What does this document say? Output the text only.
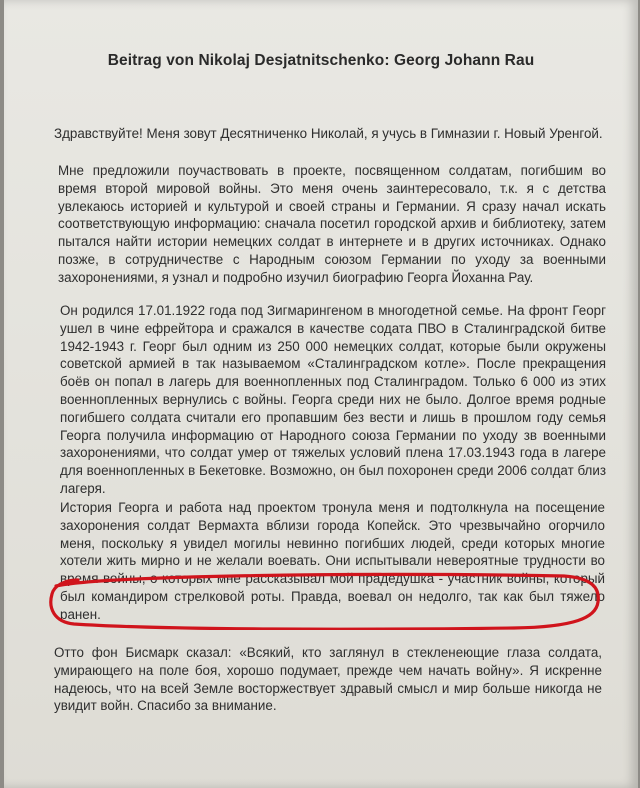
Beitrag von Nikolaj Desjatnitschenko: Georg Johann Rau

Здравствуйте! Меня зовут Десятниченко Николай, я учусь в Гимназии г. Новый Уренгой.

Мне предложили поучаствовать в проекте, посвященном солдатам, погибшим во время второй мировой войны. Это меня очень заинтересовало, т.к. я с детства увлекаюсь историей и культурой и своей страны и Германии. Я сразу начал искать соответствующую информацию: сначала посетил городской архив и библиотеку, затем пытался найти истории немецких солдат в интернете и в других источниках. Однако позже, в сотрудничестве с Народным союзом Германии по уходу за военными захоронениями, я узнал и подробно изучил биографию Георга Йоханна Рау.

Он родился 17.01.1922 года под Зигмарингеном в многодетной семье. На фронт Георг ушел в чине ефрейтора и сражался в качестве содата ПВО в Сталинградской битве 1942-1943 г. Георг был одним из 250 000 немецких солдат, которые были окружены советской армией в так называемом «Сталинградском котле». После прекращения боёв он попал в лагерь для военнопленных под Сталинградом. Только 6 000 из этих военнопленных вернулись с войны. Георга среди них не было. Долгое время родные погибшего солдата считали его пропавшим без вести и лишь в прошлом году семья Георга получила информацию от Народного союза Германии по уходу зв военными захоронениями, что солдат умер от тяжелых условий плена 17.03.1943 года в лагере для военнопленных в Бекетовке. Возможно, он был похоронен среди 2006 солдат близ лагеря.

История Георга и работа над проектом тронула меня и подтолкнула на посещение захоронения солдат Вермахта вблизи города Копейск. Это чрезвычайно огорчило меня, поскольку я увидел могилы невинно погибших людей, среди которых многие хотели жить мирно и не желали воевать. Они испытывали невероятные трудности во время войны, о которых мне рассказывал мой прадедушка - участник войны, который был командиром стрелковой роты. Правда, воевал он недолго, так как был тяжело ранен.

Отто фон Бисмарк сказал: «Всякий, кто заглянул в стекленеющие глаза солдата, умирающего на поле боя, хорошо подумает, прежде чем начать войну». Я искренне надеюсь, что на всей Земле восторжествует здравый смысл и мир больше никогда не увидит войн. Спасибо за внимание.
